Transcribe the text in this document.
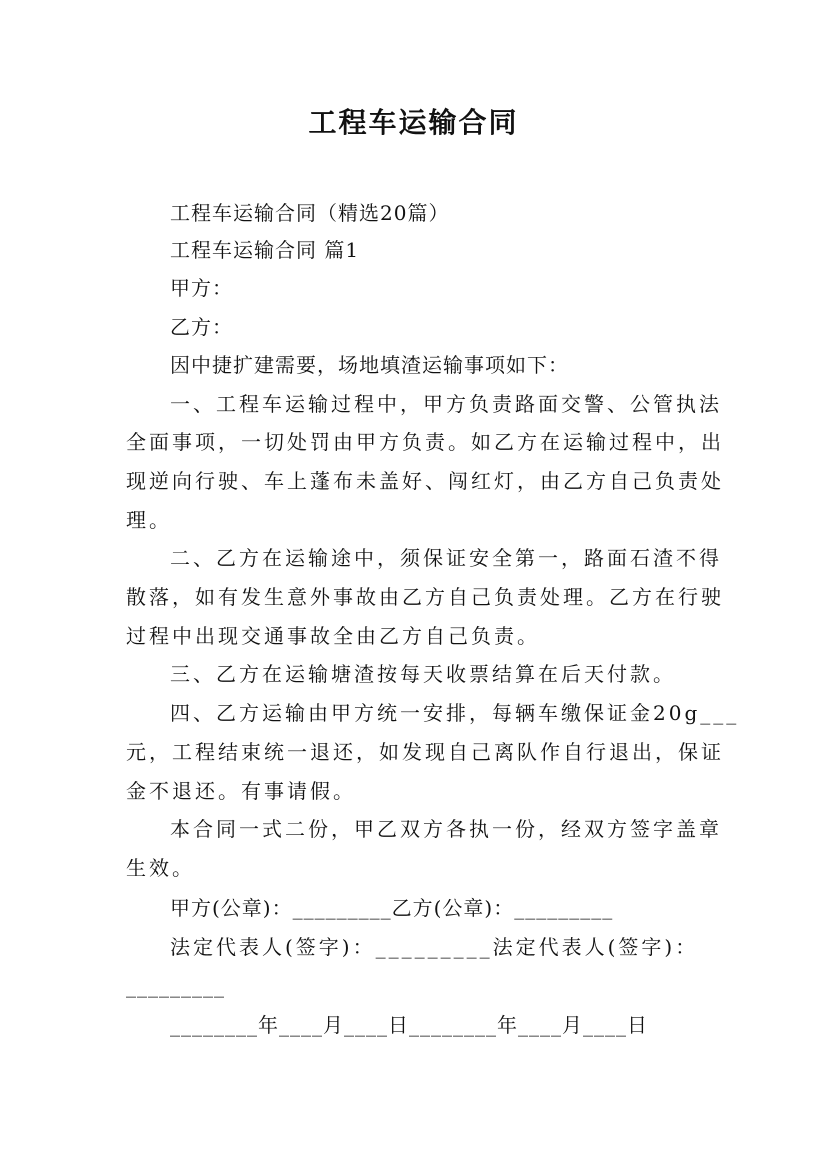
工程车运输合同
工程车运输合同（精选20篇）
工程车运输合同 篇1
甲方：
乙方：
因中捷扩建需要，场地填渣运输事项如下：
一、工程车运输过程中，甲方负责路面交警、公管执法
全面事项，一切处罚由甲方负责。如乙方在运输过程中，出
现逆向行驶、车上蓬布未盖好、闯红灯，由乙方自己负责处
理。
二、乙方在运输途中，须保证安全第一，路面石渣不得
散落，如有发生意外事故由乙方自己负责处理。乙方在行驶
过程中出现交通事故全由乙方自己负责。
三、乙方在运输塘渣按每天收票结算在后天付款。
四、乙方运输由甲方统一安排，每辆车缴保证金20g___
元，工程结束统一退还，如发现自己离队作自行退出，保证
金不退还。有事请假。
本合同一式二份，甲乙双方各执一份，经双方签字盖章
生效。
甲方(公章)：_________乙方(公章)：_________
法定代表人(签字)：_________法定代表人(签字)：
_________
________年____月____日________年____月____日
